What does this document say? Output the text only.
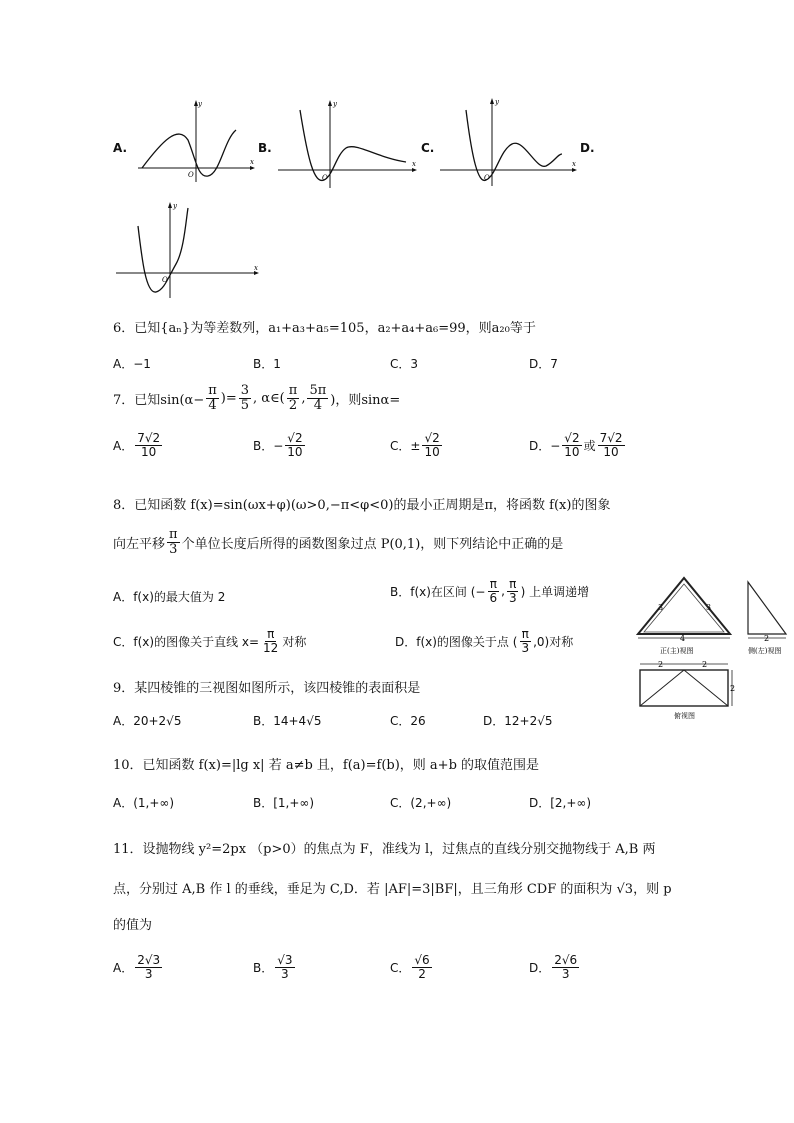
A.	B.	C.	D.
y
x
O
y
x
O
y
x
O
y
x
O
6．已知{aₙ}为等差数列，a₁+a₃+a₅=105，a₂+a₄+a₆=99，则a₂₀等于
A．−1	B．1	C．3	D．7
7．已知$\sin(\alpha- \frac{\pi}{4}$ )= $\frac{3}{5}$ , α∈( $\frac{\pi}{2}$ , $\frac{5\pi}{4}$ )，则sinα=
A． $\frac{7√2}{10}$	B．− $\frac{√2}{10}$	C．± $\frac{√2}{10}$	D．− $\frac{√2}{10}$ 或 $\frac{7√2}{10}$
8．已知函数 f(x)=sin(ωx+φ)(ω>0,−π<φ<0)的最小正周期是π，将函数 f(x)的图象
向左平移 $\frac{\pi}{3}$ 个单位长度后所得的函数图象过点 P(0,1)，则下列结论中正确的是
A．f(x)的最大值为 2	B．f(x)在区间 (− $\frac{\pi}{6}$ , $\frac{\pi}{3}$ ) 上单调递增
C．f(x)的图像关于直线 $x= \frac{\pi}{12}$ 对称	D．f(x)的图像关于点 ( $\frac{\pi}{3} ,0$)对称
3	3
4
正(主)视图
2
侧(左)视图
2	2
2
俯视图
9．某四棱锥的三视图如图所示，该四棱锥的表面积是
A．20+2√5	B．14+4√5	C．26	D．12+2√5
10．已知函数 f(x)=|lg x| 若 a≠b 且，f(a)=f(b)，则 a+b 的取值范围是
A．(1,+∞)	B．[1,+∞)	C．(2,+∞)	D．[2,+∞)
11．设抛物线 y²=2px （p>0）的焦点为 F，准线为 l，过焦点的直线分别交抛物线于 A,B 两
点，分别过 A,B 作 l 的垂线，垂足为 C,D．若 |AF|=3|BF|，且三角形 CDF 的面积为 √3，则 p
的值为
A． $\frac{2√3}{3}$	B． $\frac{√3}{3}$	C． $\frac{√6}{2}$	D． $\frac{2√6}{3}$
